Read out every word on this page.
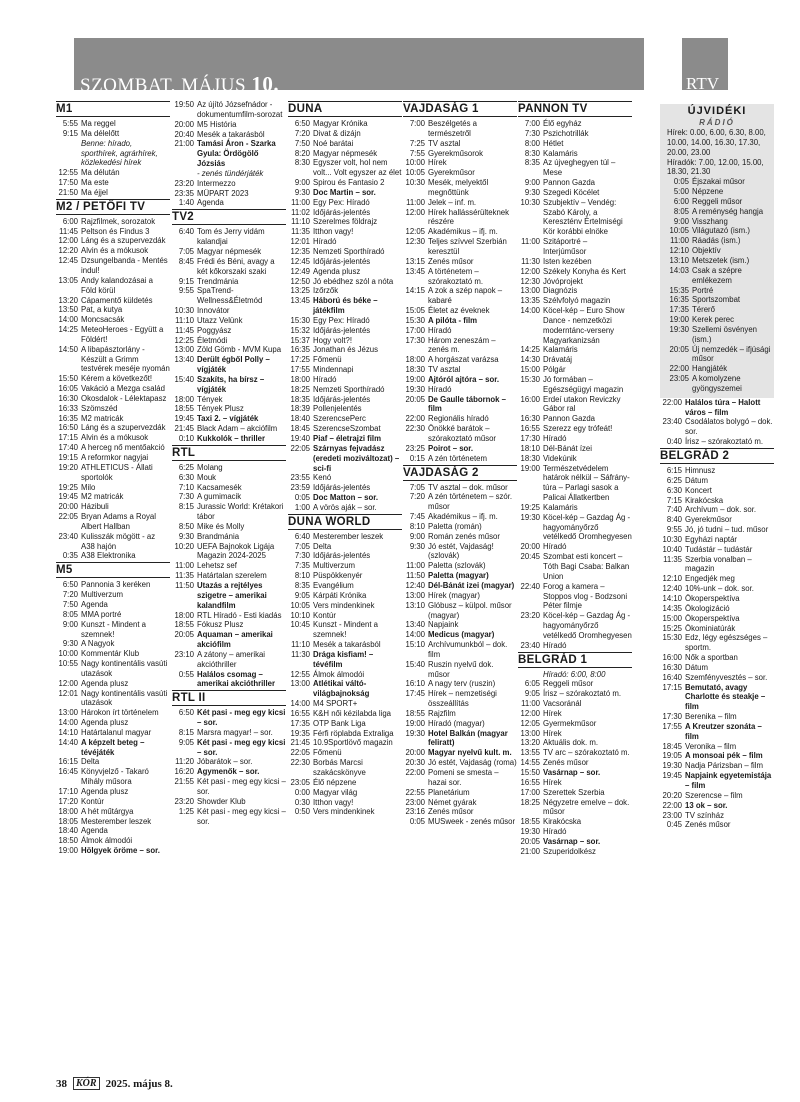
SZOMBAT, MÁJUS 10.	RTV
M1
5:55 Ma reggel
9:15 Ma délelőtt
Benne: hírado, sporthírek, agrárhírek, közlekedési hírek
12:55 Ma délután
17:50 Ma este
21:50 Ma éjjel
M2 / PETŐFI TV
6:00 Rajzfilmek, sorozatok
11:45 Peltson és Findus 3
12:00 Láng és a szupervezdák
12:20 Alvin és a mókusok
12:45 Dzsungelbanda - Mentés indul!
13:05 Andy kalandozásai a Föld körül
13:20 Cápamentő küldetés
13:50 Pat, a kutya
14:00 Moncsacsák
14:25 MeteoHeroes - Együtt a Földért!
14:50 A libapásztorlány - Készült a Grimm testvérek meséje nyomán
15:50 Kérem a következőt!
16:05 Vakáció a Mezga család
16:30 Okosdalok - Lélektapasz
16:33 Szömszéd
16:35 M2 matricák
16:50 Láng és a szupervezdák
17:15 Alvin és a mókusok
17:40 A herceg nő mentőakció
19:15 A reformkor nagyjai
19:20 ATHLETICUS - Állati sportolók
19:25 Milo
19:45 M2 matricák
20:00 Házibuli
22:05 Bryan Adams a Royal Albert Hallban
23:40 Kulisszák mögött - az A38 hajón
0:35 A38 Elektronika
M5
6:50 Pannonia 3 keréken
7:20 Multiverzum
7:50 Agenda
8:05 MMA portré
9:00 Kunszt - Mindent a szemnek!
9:30 A Nagyok
10:00 Kommentár Klub
10:55 Nagy kontinentális vasúti utazások
12:00 Agenda plusz
12:01 Nagy kontinentális vasúti utazások
13:00 Hárokon írt történelem
14:00 Agenda plusz
14:10 Határtalanul magyar
14:40 A képzelt beteg – tévéjáték
16:15 Delta
16:45 Könyvjelző - Takaró Mihály műsora
17:10 Agenda plusz
17:20 Kontúr
18:00 A hét műtárgya
18:05 Mesterember leszek
18:40 Agenda
18:50 Álmok álmodói
19:00 Hölgyek öröme – sor.
19:50 Az újító Józsefnádor - dokumentumfilm-sorozat
20:00 M5 História
20:40 Mesék a takarásból
21:00 Tamási Áron - Szarka Gyula: Ördögölő Józsiás
- zenés tündérjáték
23:20 Intermezzo
23:35 MÜPART 2023
1:40 Agenda
TV2
6:40 Tom és Jerry vidám kalandjai
7:05 Magyar népmesék
8:45 Frédi és Béni, avagy a két kőkorszaki szaki
9:15 Trendmánia
9:55 SpaTrend-Wellness&Életmód
10:30 Innovátor
11:10 Utazz Velünk
11:45 Poggyász
12:25 Életmódi
13:00 Zöld Gömb - MVM Kupa
13:40 Derült égből Polly – vígjáték
15:40 Szakíts, ha bírsz – vígjáték
18:00 Tények
18:55 Tények Plusz
19:45 Taxi 2. – vígjáték
21:45 Black Adam – akciófilm
0:10 Kukkolók – thriller
RTL
6:25 Molang
6:30 Mouk
7:10 Kacsamesék
7:30 A gumimacik
8:15 Jurassic World: Krétakori tábor
8:50 Mike és Molly
9:30 Brandmánia
10:20 UEFA Bajnokok Ligája Magazin 2024-2025
11:00 Lehetsz sef
11:35 Határtalan szerelem
11:50 Utazás a rejtélyes szigetre – amerikai kalandfilm
18:00 RTL Híradó - Esti kiadás
18:55 Fókusz Plusz
20:05 Aquaman – amerikai akciófilm
23:10 A zátony – amerikai akcióthriller
0:55 Halálos csomag – amerikai akcióthriller
RTL II
6:50 Két pasi - meg egy kicsi – sor.
8:15 Marsra magyar! – sor.
9:05 Két pasi - meg egy kicsi – sor.
11:20 Jóbarátok – sor.
16:20 Agymenők – sor.
21:55 Két pasi - meg egy kicsi – sor.
23:20 Showder Klub
1:25 Két pasi - meg egy kicsi – sor.
DUNA
6:50 Magyar Krónika
7:20 Divat & dizájn
7:50 Noé barátai
8:20 Magyar népmesék
8:30 Egyszer volt, hol nem volt... Volt egyszer az élet
9:00 Spirou és Fantasio 2
9:30 Doc Martin – sor.
11:00 Egy Pex: Híradó
11:02 Időjárás-jelentés
11:10 Szerelmes földrajz
11:35 Itthon vagy!
12:01 Híradó
12:35 Nemzeti Sporthíradó
12:45 Időjárás-jelentés
12:49 Agenda plusz
12:50 Jó ebédhez szól a nóta
13:25 Izőrzők
13:45 Háború és béke – játékfilm
15:30 Egy Pex: Híradó
15:32 Időjárás-jelentés
15:37 Hogy volt?!
16:35 Jonathan és Jézus
17:25 Főmenü
17:55 Mindennapi
18:00 Híradó
18:25 Nemzeti Sporthíradó
18:35 Időjárás-jelentés
18:39 Pollenjelentés
18:40 SzerencsePerc
18:45 SzerencseSzombat
19:40 Piaf – életrajzi film
22:05 Szárnyas fejvadász (eredeti moziváltozat) – sci-fi
23:55 Kenó
23:59 Időjárás-jelentés
0:05 Doc Matton – sor.
1:00 A vörös aják – sor.
DUNA WORLD
6:40 Mesterember leszek
7:05 Delta
7:30 Időjárás-jelentés
7:35 Multiverzum
8:10 Püspökkenyér
8:35 Evangélium
9:05 Kárpáti Krónika
10:05 Vers mindenkinek
10:10 Kontúr
10:45 Kunszt - Mindent a szemnek!
11:10 Mesék a takarásból
11:30 Drága kisfiam! – tévéfilm
12:55 Álmok álmodói
13:00 Atlétikai váltó-világbajnokság
14:00 M4 SPORT+
16:55 K&H női kézilabda liga
17:35 OTP Bank Liga
19:35 Férfi röplabda Extraliga
21:45 10.9Sportlövő magazin
22:05 Főmenü
22:30 Borbás Marcsi szakácskönyve
23:05 Élő népzene
0:00 Magyar világ
0:30 Itthon vagy!
0:50 Vers mindenkinek
VAJDASÁG 1
7:00 Beszélgetés a természetről
7:25 TV asztal
7:55 Gyerekműsorok
10:00 Hírek
10:05 Gyerekműsor
10:30 Mesék, melyektől megnőttünk
11:00 Jelek – inf. m.
12:00 Hírek hallássérülteknek részére
12:05 Akadémikus – ifj. m.
12:30 Teljes szívvel Szerbián keresztül
13:15 Zenés műsor
13:45 A történetem – szórakoztató m.
14:15 A zok a szép napok – kabaré
15:05 Életet az éveknek
15:30 A pilóta - film
17:00 Híradó
17:30 Három zeneszám – zenés m.
18:00 A horgászat varázsa
18:30 TV asztal
19:00 Ajtóról ajtóra – sor.
19:30 Híradó
20:05 De Gaulle tábornok – film
22:00 Regionális híradó
22:30 Önökké barátok – szórakoztató műsor
23:25 Poirot – sor.
0:15 A zén történetem
VAJDASÁG 2
7:05 TV asztal – dok. műsor
7:20 A zén történetem – szór. műsor
7:45 Akadémikus – ifj. m.
8:10 Paletta (román)
9:00 Román zenés műsor
9:30 Jó estét, Vajdaság! (szlovák)
11:00 Paletta (szlovák)
11:50 Paletta (magyar)
12:40 Dél-Bánát izei (magyar)
13:00 Hírek (magyar)
13:10 Glóbusz – külpol. műsor (magyar)
13:40 Napjaink
14:00 Medicus (magyar)
15:10 Archívumunkból – dok. film
15:40 Ruszin nyelvű dok. műsor
16:10 A nagy terv (ruszin)
17:45 Hírek – nemzetiségi összeállítás
18:55 Rajzfilm
19:00 Híradó (magyar)
19:30 Hotel Balkán (magyar feliratt)
20:00 Magyar nyelvű kult. m.
20:30 Jó estét, Vajdaság (roma)
22:00 Pomeni se smesta – hazai sor.
22:55 Planetárium
23:00 Német gyárak
23:16 Zenés műsor
0:05 MUSweek - zenés műsor
PANNON TV
7:00 Élő egyház
7:30 Pszichotrillák
8:00 Hétlet
8:30 Kalamáris
8:35 Az újveghegyen túl – Mese
9:00 Pannon Gazda
9:30 Szegedi Köcélet
10:30 Szubjektív – Vendég: Szabó Károly, a Kereszténv Értelmiségi Kör korábbi elnöke
11:00 Szitáportré – Interjúműsor
11:30 Isten kezében
12:00 Székely Konyha és Kert
12:30 Jóvóprojekt
13:00 Diagnózis
13:35 Szélvfolyó magazin
14:00 Köcel-kép – Euro Show Dance - nemzetközi moderntánc-verseny Magyarkanizsán
14:25 Kalamáris
14:30 Drávatáj
15:00 Pólgár
15:30 Jó formában – Egészségügyi magazin
16:00 Erdeí utakon Reviczky Gábor ral
16:30 Pannon Gazda
16:55 Szerezz egy trófeát!
17:30 Híradó
18:10 Dél-Bánát ízei
18:30 Videkúnik
19:00 Természetvédelem határok nélkül – Sáfrány-túra – Parlagi sasok a Palicai Állatkertben
19:25 Kalamáris
19:30 Köcel-kép – Gazdag Ág - hagyományőrző vetélkedő Oromhegyesen
20:00 Híradó
20:45 Szombat esti koncert – Tóth Bagi Csaba: Balkan Union
22:40 Forog a kamera – Stoppos vlog - Bodzsoni Péter filmje
23:20 Köcel-kép – Gazdag Ág - hagyományőrző vetélkedő Oromhegyesen
23:40 Híradó
BELGRÁD 1
Híradó: 6:00, 8:00
6:05 Reggeli műsor
9:05 Írisz – szórakoztató m.
11:00 Vacsoránál
12:00 Hírek
12:05 Gyermekműsor
13:00 Hírek
13:20 Aktuális dok. m.
13:55 TV arc – szórakoztató m.
14:55 Zenés műsor
15:50 Vasárnap – sor.
16:55 Hírek
17:00 Szerettek Szerbia
18:25 Négyzetre emelve – dok. műsor
18:55 Kirakócska
19:30 Híradó
20:05 Vasárnap – sor.
21:00 Szuperidolkész
ÚJVIDÉKI
RÁDIÓ
Hírek: 0.00, 6.00, 6.30, 8.00, 10.00, 14.00, 16.30, 17.30, 20.00, 23.00
Híradók: 7.00, 12.00, 15.00, 18.30, 21.30
0:05 Éjszakai műsor
5:00 Népzene
6:00 Reggeli műsor
8:05 A reménység hangja
9:00 Visszhang
10:05 Világutazó (ism.)
11:00 Ráadás (ism.)
12:10 Objektív
13:10 Metszetek (ism.)
14:03 Csak a szépre emlékezem
15:35 Portré
16:35 Sportszombat
17:35 Térerő
19:00 Kerek perec
19:30 Szellemi ösvényen (ism.)
20:05 Új nemzedék – ifjúsági műsor
22:00 Hangjáték
23:05 A komolyzene gyöngyszemei
22:00 Halálos túra – Halott város – film
23:40 Csodálatos bolygó – dok. sor.
0:40 Írisz – szórakoztató m.
BELGRÁD 2
6:15 Himnusz
6:25 Dátum
6:30 Koncert
7:15 Kirakócska
7:40 Archívum – dok. sor.
8:40 Gyerekműsor
9:55 Jó, jó tudni – tud. műsor
10:30 Egyházi naptár
10:40 Tudástár – tudástár
11:35 Szerbia vonalban – magazin
12:10 Engedjék meg
12:40 10%-unk – dok. sor.
14:10 Ökoperspektíva
14:35 Ökologizáció
15:00 Ökoperspektíva
15:25 Ökominiatúrák
15:30 Edz, légy egészséges – sportm.
16:00 Nők a sportban
16:30 Dátum
16:40 Szemfényvesztés – sor.
17:15 Bemutató, avagy Charlotte és steakje – film
17:30 Berenika – film
17:55 A Kreutzer szonáta – film
18:45 Veronika – film
19:05 A monsoai pék – film
19:30 Nadja Párizsban – film
19:45 Napjaink egyetemistája – film
20:20 Szerencse – film
22:00 13 ok – sor.
23:00 TV színház
0:45 Zenés műsor
38 KÓR 2025. május 8.
